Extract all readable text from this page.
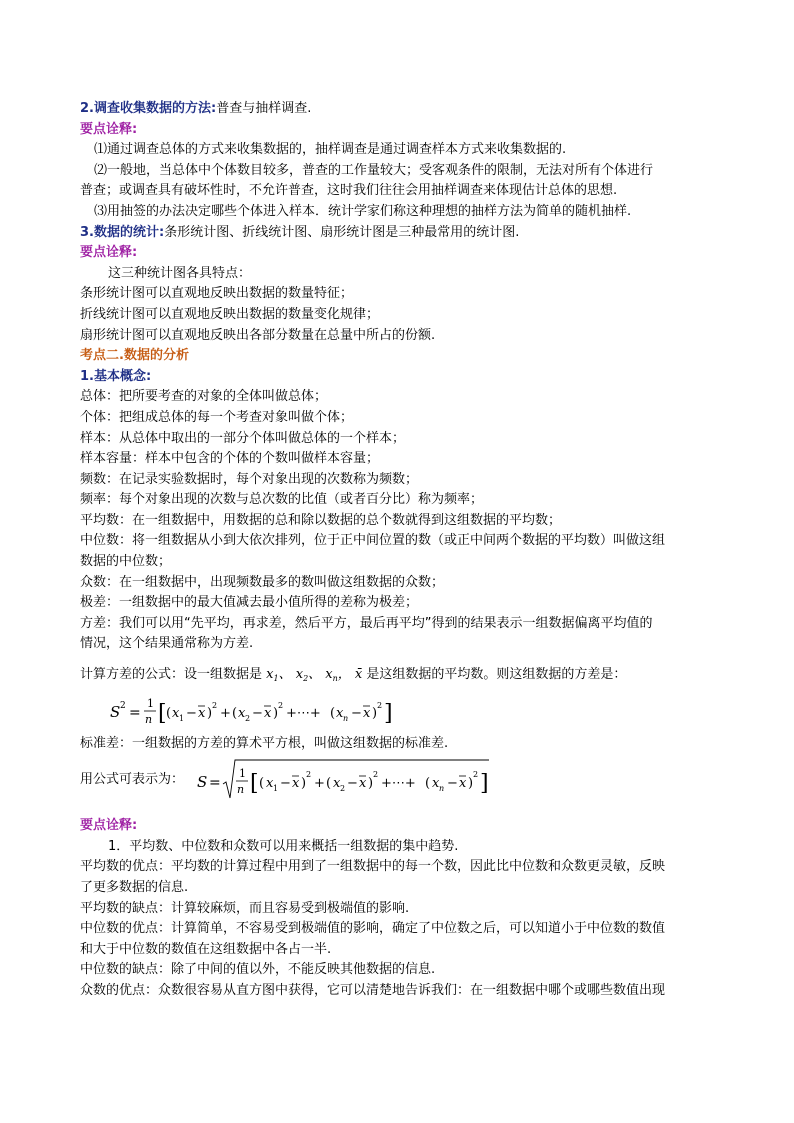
2.调查收集数据的方法:普查与抽样调查.

要点诠释:

⑴通过调查总体的方式来收集数据的，抽样调查是通过调查样本方式来收集数据的.

⑵一般地，当总体中个体数目较多，普查的工作量较大；受客观条件的限制，无法对所有个体进行

普查；或调查具有破坏性时，不允许普查，这时我们往往会用抽样调查来体现估计总体的思想.

⑶用抽签的办法决定哪些个体进入样本．统计学家们称这种理想的抽样方法为简单的随机抽样.

3.数据的统计:条形统计图、折线统计图、扇形统计图是三种最常用的统计图.

要点诠释:

这三种统计图各具特点：

条形统计图可以直观地反映出数据的数量特征；

折线统计图可以直观地反映出数据的数量变化规律；

扇形统计图可以直观地反映出各部分数量在总量中所占的份额.

考点二.数据的分析

1.基本概念:

总体：把所要考查的对象的全体叫做总体；

个体：把组成总体的每一个考查对象叫做个体；

样本：从总体中取出的一部分个体叫做总体的一个样本；

样本容量：样本中包含的个体的个数叫做样本容量；

频数：在记录实验数据时，每个对象出现的次数称为频数；

频率：每个对象出现的次数与总次数的比值（或者百分比）称为频率；

平均数：在一组数据中，用数据的总和除以数据的总个数就得到这组数据的平均数；

中位数：将一组数据从小到大依次排列，位于正中间位置的数（或正中间两个数据的平均数）叫做这组

数据的中位数；

众数：在一组数据中，出现频数最多的数叫做这组数据的众数；

极差：一组数据中的最大值减去最小值所得的差称为极差；

方差：我们可以用“先平均，再求差，然后平方，最后再平均”得到的结果表示一组数据偏离平均值的

情况，这个结果通常称为方差.

计算方差的公式：设一组数据是 $x_1$、 $x_2$、 $x_n$， x̄ 是这组数据的平均数。则这组数据的方差是：

S 2 =
1
n [ ( x 1 − x )
2
+ ( x 2 − x )
2
+⋯+ ( x n − x )
2 ]

标准差：一组数据的方差的算术平方根，叫做这组数据的标准差.

用公式可表示为： S =
1
n [ ( x 1 − x )
2
+ ( x 2 − x )
2
+⋯+ ( x n − x )
2 ]

要点诠释:

1．平均数、中位数和众数可以用来概括一组数据的集中趋势.

平均数的优点：平均数的计算过程中用到了一组数据中的每一个数，因此比中位数和众数更灵敏，反映

了更多数据的信息.

平均数的缺点：计算较麻烦，而且容易受到极端值的影响.

中位数的优点：计算简单，不容易受到极端值的影响，确定了中位数之后，可以知道小于中位数的数值

和大于中位数的数值在这组数据中各占一半.

中位数的缺点：除了中间的值以外，不能反映其他数据的信息.

众数的优点：众数很容易从直方图中获得，它可以清楚地告诉我们：在一组数据中哪个或哪些数值出现
